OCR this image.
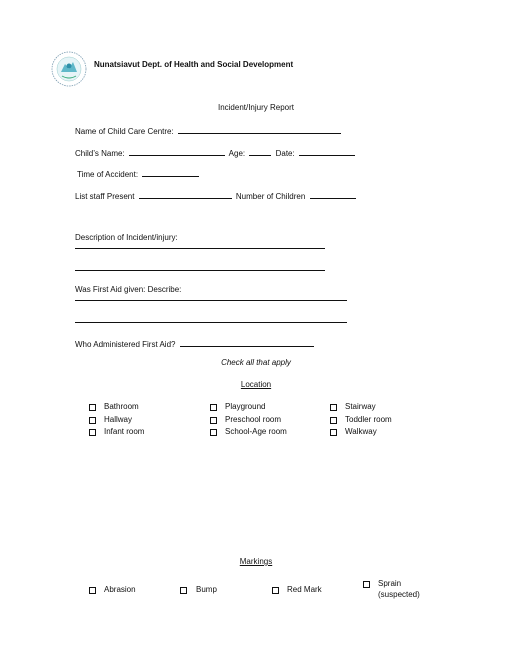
Nunatsiavut Dept. of Health and Social Development
Incident/Injury Report
Name of Child Care Centre:
Child’s Name:	Age:	Date:
Time of Accident:
List staff Present	Number of Children
Description of Incident/injury:
Was First Aid given: Describe:
Who Administered First Aid?
Check all that apply
Location
Bathroom	Playground	Stairway
Hallway	Preschool room	Toddler room
Infant room	School-Age room	Walkway
Markings
Abrasion	Bump	Red Mark
Sprain
(suspected)
